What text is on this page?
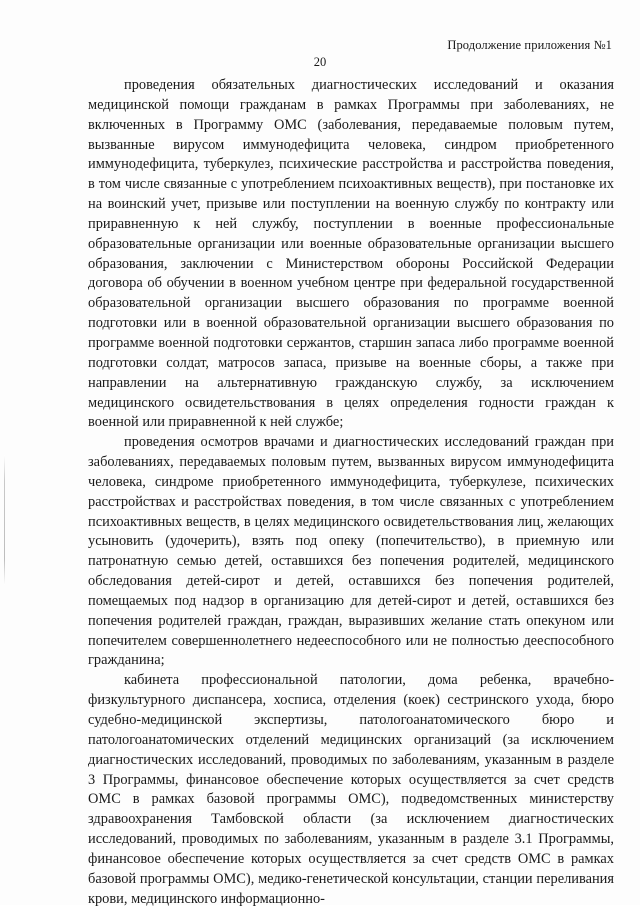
Продолжение приложения №1
20

проведения обязательных диагностических исследований и оказания медицинской помощи гражданам в рамках Программы при заболеваниях, не включенных в Программу ОМС (заболевания, передаваемые половым путем, вызванные вирусом иммунодефицита человека, синдром приобретенного иммунодефицита, туберкулез, психические расстройства и расстройства поведения, в том числе связанные с употреблением психоактивных веществ), при постановке их на воинский учет, призыве или поступлении на военную службу по контракту или приравненную к ней службу, поступлении в военные профессиональные образовательные организации или военные образовательные организации высшего образования, заключении с Министерством обороны Российской Федерации договора об обучении в военном учебном центре при федеральной государственной образовательной организации высшего образования по программе военной подготовки или в военной образовательной организации высшего образования по программе военной подготовки сержантов, старшин запаса либо программе военной подготовки солдат, матросов запаса, призыве на военные сборы, а также при направлении на альтернативную гражданскую службу, за исключением медицинского освидетельствования в целях определения годности граждан к военной или приравненной к ней службе;

проведения осмотров врачами и диагностических исследований граждан при заболеваниях, передаваемых половым путем, вызванных вирусом иммунодефицита человека, синдроме приобретенного иммунодефицита, туберкулезе, психических расстройствах и расстройствах поведения, в том числе связанных с употреблением психоактивных веществ, в целях медицинского освидетельствования лиц, желающих усыновить (удочерить), взять под опеку (попечительство), в приемную или патронатную семью детей, оставшихся без попечения родителей, медицинского обследования детей-сирот и детей, оставшихся без попечения родителей, помещаемых под надзор в организацию для детей-сирот и детей, оставшихся без попечения родителей граждан, граждан, выразивших желание стать опекуном или попечителем совершеннолетнего недееспособного или не полностью дееспособного гражданина;

кабинета профессиональной патологии, дома ребенка, врачебно-физкультурного диспансера, хосписа, отделения (коек) сестринского ухода, бюро судебно-медицинской экспертизы, патологоанатомического бюро и патологоанатомических отделений медицинских организаций (за исключением диагностических исследований, проводимых по заболеваниям, указанным в разделе 3 Программы, финансовое обеспечение которых осуществляется за счет средств ОМС в рамках базовой программы ОМС), подведомственных министерству здравоохранения Тамбовской области (за исключением диагностических исследований, проводимых по заболеваниям, указанным в разделе 3.1 Программы, финансовое обеспечение которых осуществляется за счет средств ОМС в рамках базовой программы ОМС), медико-генетической консультации, станции переливания крови, медицинского информационно-
